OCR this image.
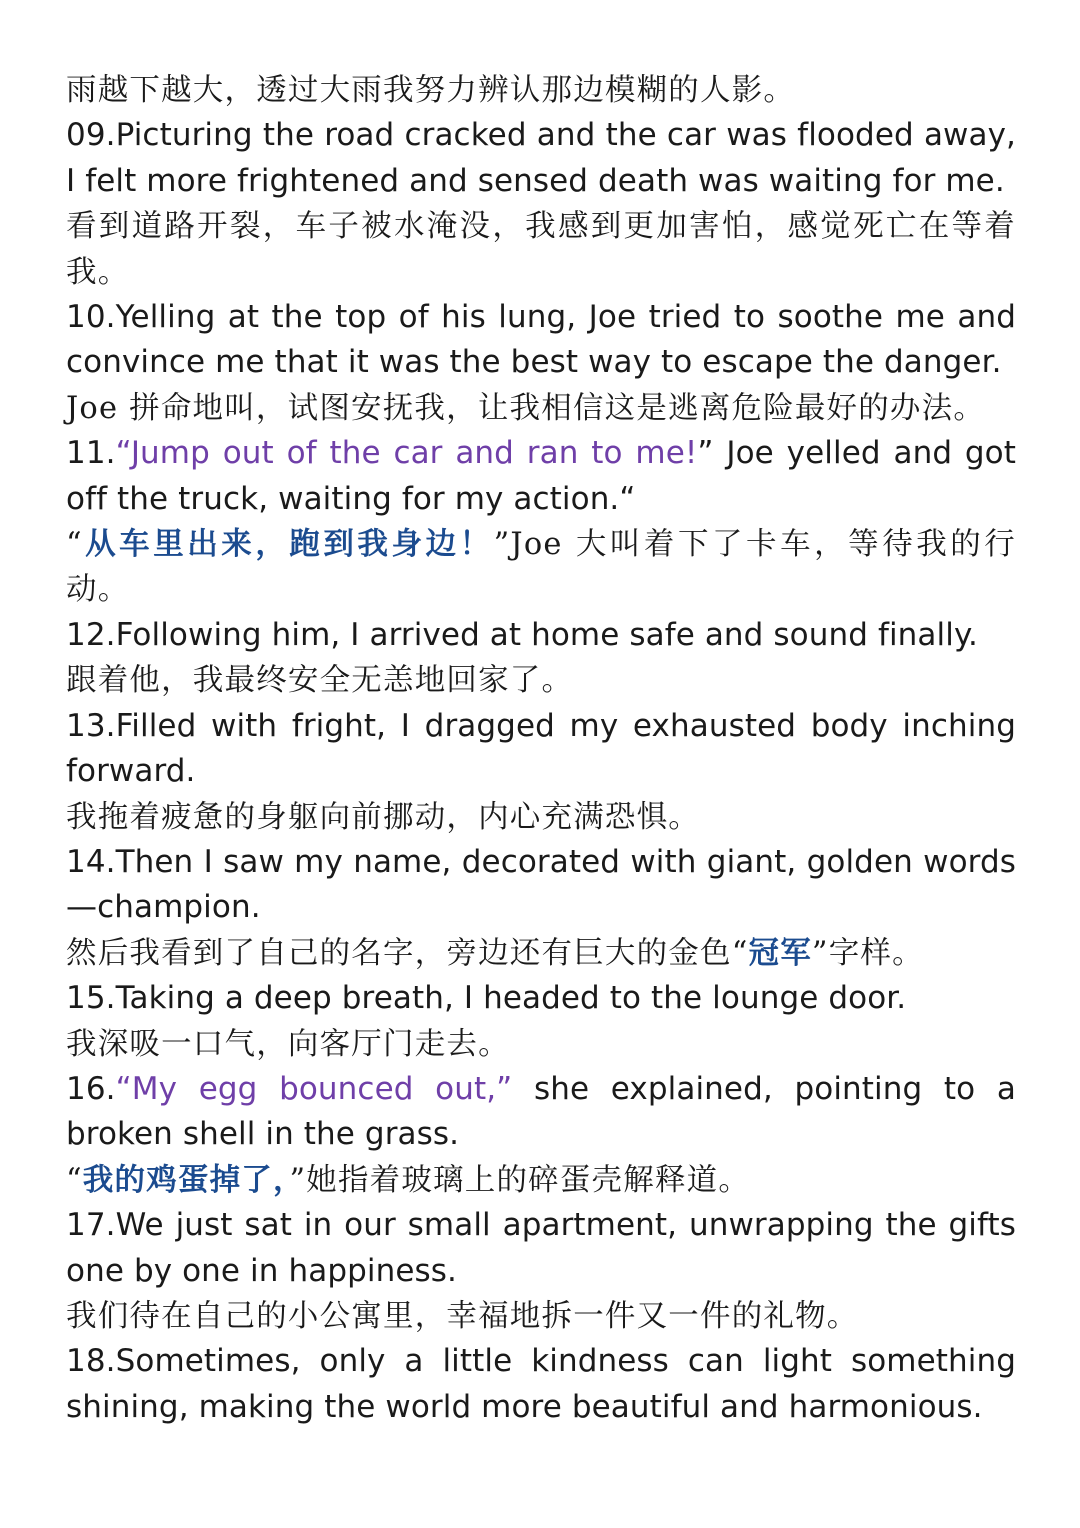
雨越下越大，透过大雨我努力辨认那边模糊的人影。

09.Picturing the road cracked and the car was flooded away, I felt more frightened and sensed death was waiting for me.

看到道路开裂，车子被水淹没，我感到更加害怕，感觉死亡在等着我。

10.Yelling at the top of his lung, Joe tried to soothe me and convince me that it was the best way to escape the danger.

Joe 拼命地叫，试图安抚我，让我相信这是逃离危险最好的办法。

11.“Jump out of the car and ran to me!” Joe yelled and got off the truck, waiting for my action.“

“从车里出来，跑到我身边！”Joe 大叫着下了卡车，等待我的行动。

12.Following him, I arrived at home safe and sound finally.

跟着他，我最终安全无恙地回家了。

13.Filled with fright, I dragged my exhausted body inching forward.

我拖着疲惫的身躯向前挪动，内心充满恐惧。

14.Then I saw my name, decorated with giant, golden words—champion.

然后我看到了自己的名字，旁边还有巨大的金色“冠军”字样。

15.Taking a deep breath, I headed to the lounge door.

我深吸一口气，向客厅门走去。

16.“My egg bounced out,” she explained, pointing to a broken shell in the grass.

“我的鸡蛋掉了，”她指着玻璃上的碎蛋壳解释道。

17.We just sat in our small apartment, unwrapping the gifts one by one in happiness.

我们待在自己的小公寓里，幸福地拆一件又一件的礼物。

18.Sometimes, only a little kindness can light something shining, making the world more beautiful and harmonious.
